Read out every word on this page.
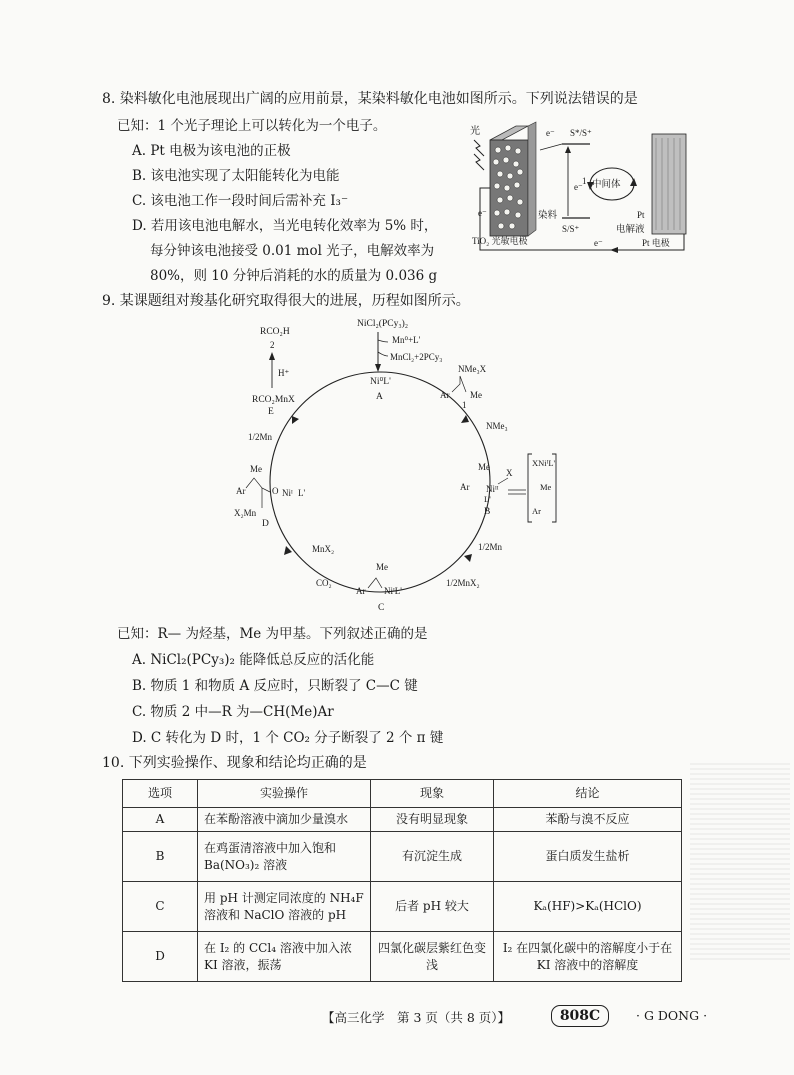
8. 染料敏化电池展现出广阔的应用前景，某染料敏化电池如图所示。下列说法错误的是
已知：1 个光子理论上可以转化为一个电子。
A. Pt 电极为该电池的正极
B. 该电池实现了太阳能转化为电能
C. 该电池工作一段时间后需补充 I₃⁻
D. 若用该电池电解水，当光电转化效率为 5% 时，
每分钟该电池接受 0.01 mol 光子，电解效率为
80%，则 10 分钟后消耗的水的质量为 0.036 g
光	e⁻ S*/S⁺
e⁻ 中间体
1
S/S⁺
染料
电解液
Pt
e⁻
e⁻
TiO₂ 光敏电极	Pt 电极
9. 某课题组对羧基化研究取得很大的进展，历程如图所示。
NiCl₂(PCy₃)₂
Mn⁰+L'
MnCl₂+2PCy₃
Ni⁰L'
A
NMe₃X
Ar Me
1
NMe₃
RCO₂H
2
H⁺
RCO₂MnX
E
1/2Mn
Me
Ar Niᴵᴵ
L'
X
B
XNiᴵL'
Me
Ar
Me
Ar	O Niᴵ L'
X₂Mn
D
1/2Mn
1/2MnX₂
MnX₂
CO₂
Me
Ar NiᴵL'
C
已知：R— 为烃基，Me 为甲基。下列叙述正确的是
A. NiCl₂(PCy₃)₂ 能降低总反应的活化能
B. 物质 1 和物质 A 反应时，只断裂了 C—C 键
C. 物质 2 中—R 为—CH(Me)Ar
D. C 转化为 D 时，1 个 CO₂ 分子断裂了 2 个 π 键
10. 下列实验操作、现象和结论均正确的是
选项	实验操作	现象	结论
A	在苯酚溶液中滴加少量溴水	没有明显现象	苯酚与溴不反应
B	在鸡蛋清溶液中加入饱和 Ba(NO₃)₂ 溶液	有沉淀生成	蛋白质发生盐析
C	用 pH 计测定同浓度的 NH₄F 溶液和 NaClO 溶液的 pH	后者 pH 较大	Kₐ(HF)>Kₐ(HClO)
D	在 I₂ 的 CCl₄ 溶液中加入浓 KI 溶液，振荡	四氯化碳层紫红色变浅	I₂ 在四氯化碳中的溶解度小于在 KI 溶液中的溶解度
【高三化学　第 3 页（共 8 页）】	808C	· G DONG ·
